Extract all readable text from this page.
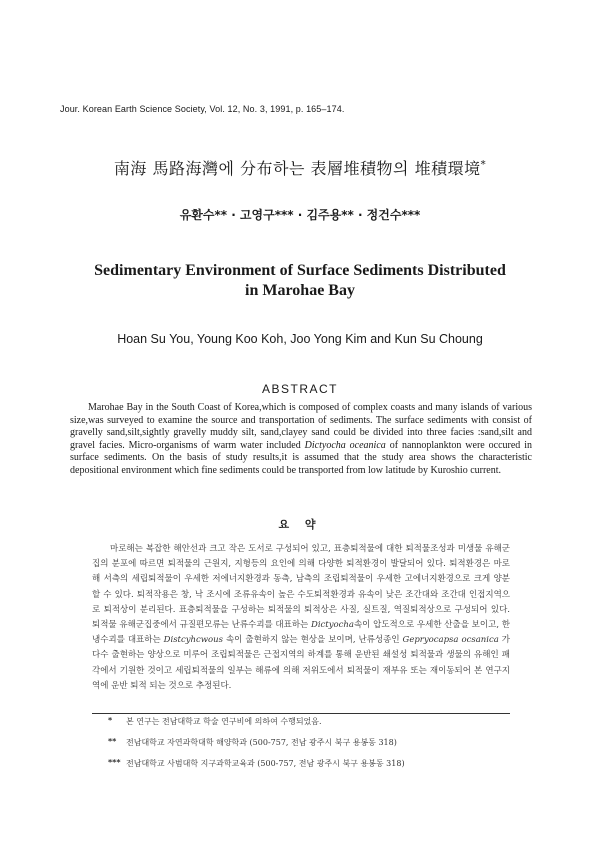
Jour. Korean Earth Science Society, Vol. 12, No. 3, 1991, p. 165–174.
南海 馬路海灣에 分布하는 表層堆積物의 堆積環境*
유환수** · 고영구*** · 김주용** · 정건수***
Sedimentary Environment of Surface Sediments Distributed in Marohae Bay
Hoan Su You, Young Koo Koh, Joo Yong Kim and Kun Su Choung
ABSTRACT
Marohae Bay in the South Coast of Korea,which is composed of complex coasts and many islands of various size,was surveyed to examine the source and transportation of sediments. The surface sediments with consist of gravelly sand,silt,sightly gravelly muddy silt, sand,clayey sand could be divided into three facies :sand,silt and gravel facies. Micro-organisms of warm water included Dictyocha oceanica of nannoplankton were occured in surface sediments. On the basis of study results,it is assumed that the study area shows the characteristic depositional environment which fine sediments could be transported from low latitude by Kuroshio current.
요 약
마로해는 복잡한 해안선과 크고 작은 도서로 구성되어 있고, 표층퇴적물에 대한 퇴적물조성과 미생물 유해군집의 분포에 따르면 퇴적물의 근원지, 지형등의 요인에 의해 다양한 퇴적환경이 발달되어 있다. 퇴적환경은 마로해 서측의 세립퇴적물이 우세한 저에너지환경과 동측, 남측의 조립퇴적물이 우세한 고에너지환경으로 크게 양분할 수 있다. 퇴적작용은 창, 낙 조시에 조류유속이 높은 수도퇴적환경과 유속이 낮은 조간대와 조간대 인접지역으로 퇴적상이 분리된다. 표층퇴적물을 구성하는 퇴적물의 퇴적상은 사질, 실트질, 역질퇴적상으로 구성되어 있다. 퇴적물 유해군집중에서 규질편모류는 난류수괴를 대표하는 Dictyocha속이 압도적으로 우세한 산출을 보이고, 한냉수괴를 대표하는 Distcyhcwous 속이 출현하지 않는 현상을 보이며, 난류성종인 Gepryocapsa ocsanica 가 다수 출현하는 양상으로 미루어 조립퇴적물은 근접지역의 하계를 통해 운반된 쇄설성 퇴적물과 생물의 유해인 패각에서 기원한 것이고 세립퇴적물의 일부는 해류에 의해 저위도에서 퇴적물이 재부유 또는 재이동되어 본 연구지역에 운반 퇴적 되는 것으로 추정된다.
*	본 연구는 전남대학교 학술 연구비에 의하여 수행되었음.
**	전남대학교 자연과학대학 해양학과 (500-757, 전남 광주시 북구 용봉동 318)
*** 전남대학교 사범대학 지구과학교육과 (500-757, 전남 광주시 북구 용봉동 318)
